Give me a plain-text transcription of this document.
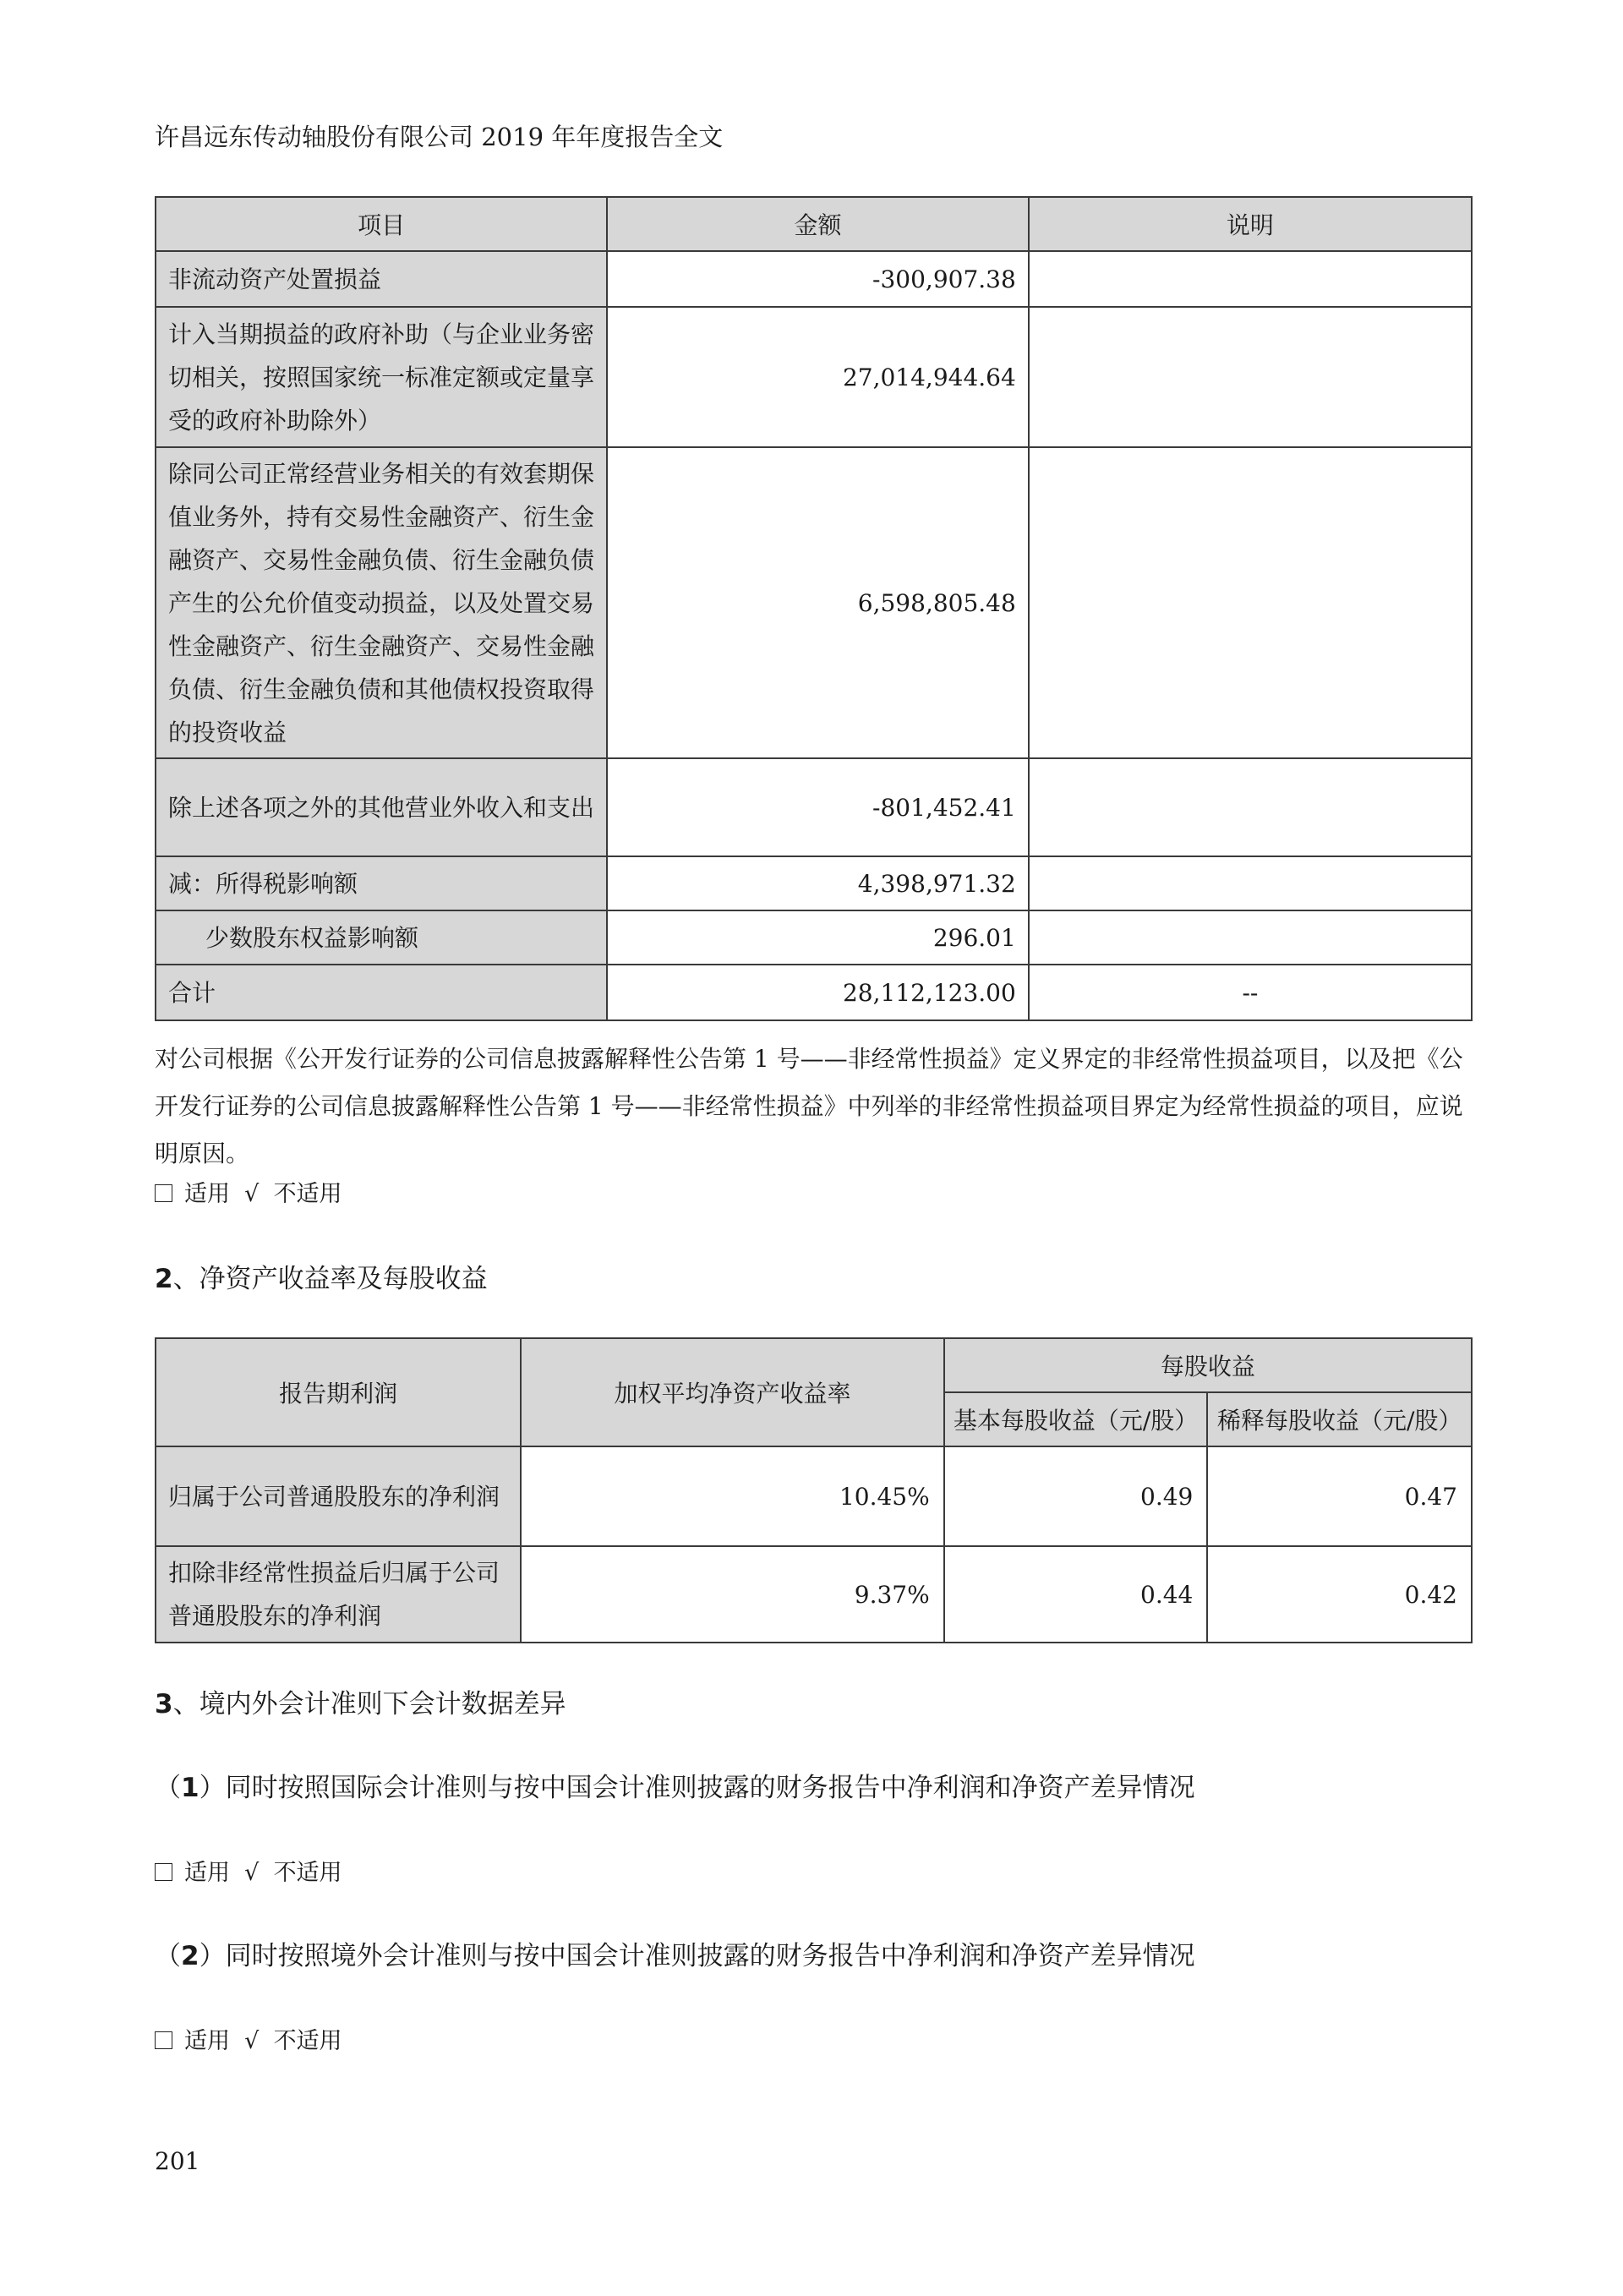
许昌远东传动轴股份有限公司 2019 年年度报告全文
项目	金额	说明
非流动资产处置损益	-300,907.38	
计入当期损益的政府补助（与企业业务密切相关，按照国家统一标准定额或定量享受的政府补助除外）	27,014,944.64	
除同公司正常经营业务相关的有效套期保值业务外，持有交易性金融资产、衍生金融资产、交易性金融负债、衍生金融负债产生的公允价值变动损益，以及处置交易性金融资产、衍生金融资产、交易性金融负债、衍生金融负债和其他债权投资取得的投资收益	6,598,805.48	
除上述各项之外的其他营业外收入和支出	-801,452.41	
减：所得税影响额	4,398,971.32	
少数股东权益影响额	296.01	
合计	28,112,123.00	--
对公司根据《公开发行证券的公司信息披露解释性公告第 1 号——非经常性损益》定义界定的非经常性损益项目，以及把《公开发行证券的公司信息披露解释性公告第 1 号——非经常性损益》中列举的非经常性损益项目界定为经常性损益的项目，应说明原因。
适用 √ 不适用
2、净资产收益率及每股收益
报告期利润	加权平均净资产收益率	每股收益	
		基本每股收益（元/股）	稀释每股收益（元/股）
归属于公司普通股股东的净利润	10.45%	0.49	0.47
扣除非经常性损益后归属于公司普通股股东的净利润	9.37%	0.44	0.42
3、境内外会计准则下会计数据差异
（1）同时按照国际会计准则与按中国会计准则披露的财务报告中净利润和净资产差异情况
适用 √ 不适用
（2）同时按照境外会计准则与按中国会计准则披露的财务报告中净利润和净资产差异情况
适用 √ 不适用
201
